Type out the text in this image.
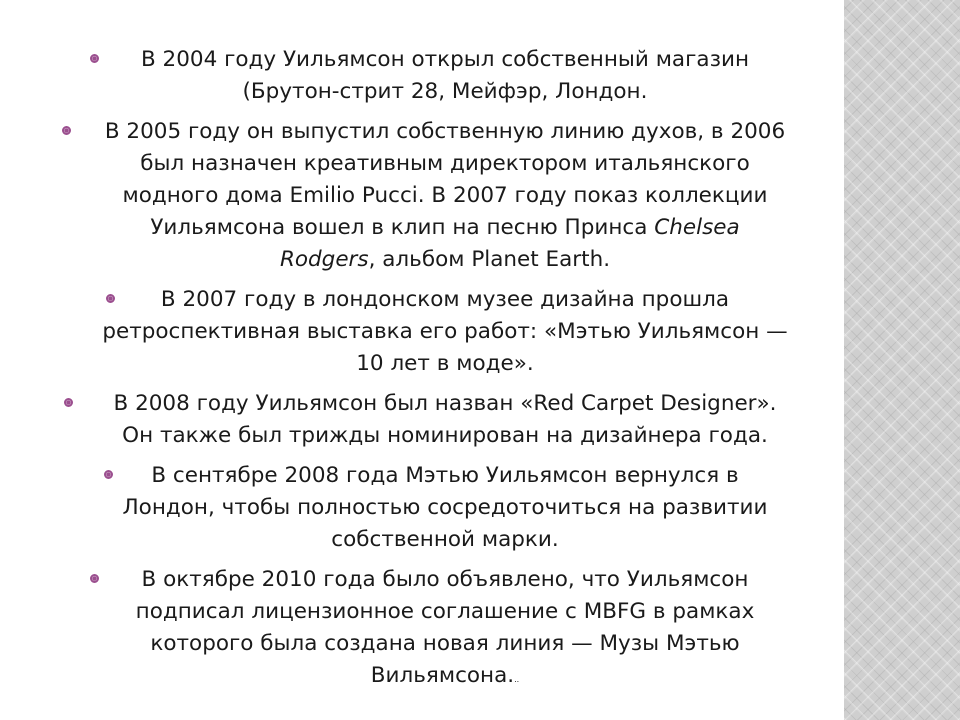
В 2004 году Уильямсон открыл собственный магазин
(Брутон-стрит 28, Мейфэр, Лондон.
В 2005 году он выпустил собственную линию духов, в 2006
был назначен креативным директором итальянского
модного дома Emilio Pucci. В 2007 году показ коллекции
Уильямсона вошел в клип на песню Принса Chelsea
Rodgers, альбом Planet Earth.
В 2007 году в лондонском музее дизайна прошла
ретроспективная выставка его работ: «Мэтью Уильямсон —
10 лет в моде».
В 2008 году Уильямсон был назван «Red Carpet Designer».
Он также был трижды номинирован на дизайнера года.
В сентябре 2008 года Мэтью Уильямсон вернулся в
Лондон, чтобы полностью сосредоточиться на развитии
собственной марки.
В октябре 2010 года было объявлено, что Уильямсон
подписал лицензионное соглашение с MBFG в рамках
которого была создана новая линия — Музы Мэтью
Вильямсона...
